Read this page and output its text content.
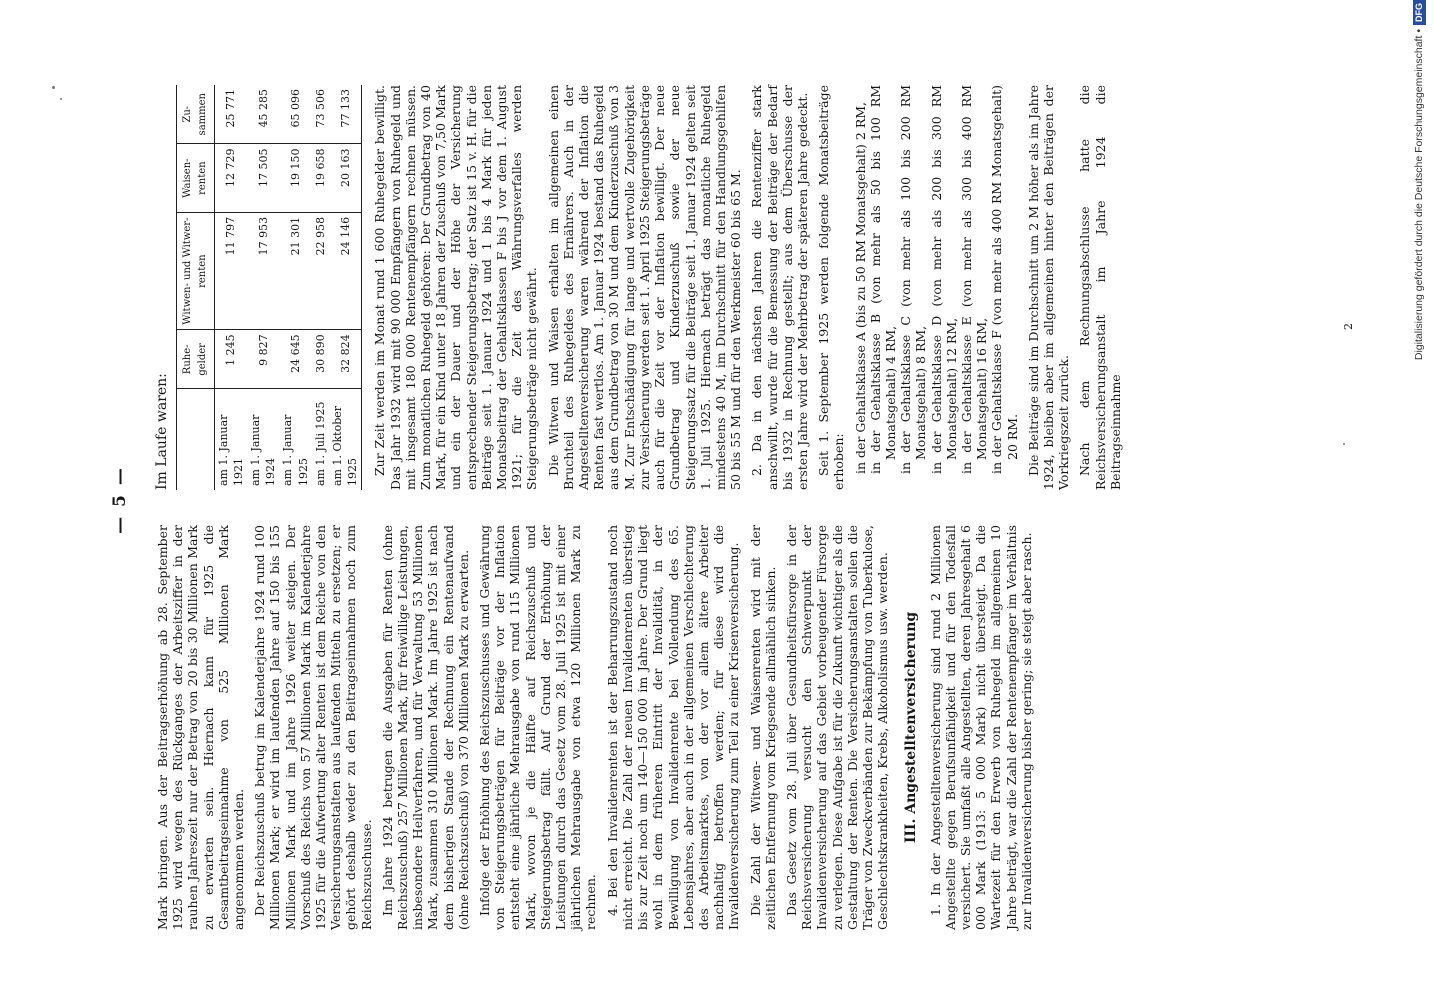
— 5 —

Mark bringen. Aus der Beitragserhöhung ab 28. September 1925 wird wegen des Rückganges der Arbeitsziffer in der rauhen Jahreszeit nur der Betrag von 20 bis 30 Millionen Mark zu erwarten sein. Hiernach kann für 1925 die Gesamtbeitragseinnahme von 525 Millionen Mark angenommen werden. Der Reichszuschuß betrug im Kalenderjahre 1924 rund 100 Millionen Mark; er wird im laufenden Jahre auf 150 bis 155 Millionen Mark und im Jahre 1926 weiter steigen. Der Vorschuß des Reichs von 57 Millionen Mark im Kalenderjahre 1925 für die Aufwertung alter Renten ist dem Reiche von den Versicherungsanstalten aus laufenden Mitteln zu ersetzen; er gehört deshalb weder zu den Beitragseinnahmen noch zum Reichszuschusse. Im Jahre 1924 betrugen die Ausgaben für Renten (ohne Reichszuschuß) 257 Millionen Mark, für freiwillige Leistungen, insbesondere Heilverfahren, und für Verwaltung 53 Millionen Mark, zusammen 310 Millionen Mark. Im Jahre 1925 ist nach dem bisherigen Stande der Rechnung ein Rentenaufwand (ohne Reichszuschuß) von 370 Millionen Mark zu erwarten. Infolge der Erhöhung des Reichszuschusses und Gewährung von Steigerungsbeträgen für Beiträge vor der Inflation entsteht eine jährliche Mehrausgabe von rund 115 Millionen Mark, wovon je die Hälfte auf Reichszuschuß und Steigerungsbetrag fällt. Auf Grund der Erhöhung der Leistungen durch das Gesetz vom 28. Juli 1925 ist mit einer jährlichen Mehrausgabe von etwa 120 Millionen Mark zu rechnen. 4. Bei den Invalidenrenten ist der Beharrungszustand noch nicht erreicht. Die Zahl der neuen Invalidenrenten überstieg bis zur Zeit noch um 140—150 000 im Jahre. Der Grund liegt wohl in dem früheren Eintritt der Invalidität, in der Bewilligung von Invalidenrente bei Vollendung des 65. Lebensjahres, aber auch in der allgemeinen Verschlechterung des Arbeitsmarktes, von der vor allem ältere Arbeiter nachhaltig betroffen werden; für diese wird die Invalidenversicherung zum Teil zu einer Krisenversicherung. Die Zahl der Witwen- und Waisenrenten wird mit der zeitlichen Entfernung vom Kriegsende allmählich sinken. Das Gesetz vom 28. Juli über Gesundheitsfürsorge in der Reichsversicherung versucht den Schwerpunkt der Invalidenversicherung auf das Gebiet vorbeugender Fürsorge zu verlegen. Diese Aufgabe ist für die Zukunft wichtiger als die Gestaltung der Renten. Die Versicherungsanstalten sollen die Träger von Zweckverbänden zur Bekämpfung von Tuberkulose, Geschlechtskrankheiten, Krebs, Alkoholismus usw. werden. III. Angestelltenversicherung 1. In der Angestelltenversicherung sind rund 2 Millionen Angestellte gegen Berufsunfähigkeit und für den Todesfall versichert. Sie umfaßt alle Angestellten, deren Jahresgehalt 6 000 Mark (1913: 5 000 Mark) nicht übersteigt. Da die Wartezeit für den Erwerb von Ruhegeld im allgemeinen 10 Jahre beträgt, war die Zahl der Rentenempfänger im Verhältnis zur Invalidenversicherung bisher gering; sie steigt aber rasch.

Im Laufe waren:

	Ruhe-gelder	Witwen- und Witwer-renten	Waisen-renten	Zu-sammen
am 1. Januar 1921	1 245	11 797	12 729	25 771
am 1. Januar 1924	9 827	17 953	17 505	45 285
am 1. Januar 1925	24 645	21 301	19 150	65 096
am 1. Juli 1925	30 890	22 958	19 658	73 506
am 1. Oktober 1925	32 824	24 146	20 163	77 133 Zur Zeit werden im Monat rund 1 600 Ruhegelder bewilligt. Das Jahr 1932 wird mit 90 000 Empfängern von Ruhegeld und mit insgesamt 180 000 Rentenempfängern rechnen müssen. Zum monatlichen Ruhegeld gehören: Der Grundbetrag von 40 Mark, für ein Kind unter 18 Jahren der Zuschuß von 7,50 Mark und ein der Dauer und der Höhe der Versicherung entsprechender Steigerungsbetrag; der Satz ist 15 v. H. für die Beiträge seit 1. Januar 1924 und 1 bis 4 Mark für jeden Monatsbeitrag der Gehaltsklassen F bis J vor dem 1. August 1921; für die Zeit des Währungsverfalles werden Steigerungsbeträge nicht gewährt. Die Witwen und Waisen erhalten im allgemeinen einen Bruchteil des Ruhegeldes des Ernährers. Auch in der Angestelltenversicherung waren während der Inflation die Renten fast wertlos. Am 1. Januar 1924 bestand das Ruhegeld aus dem Grundbetrag von 30 M und dem Kinderzuschuß von 3 M. Zur Entschädigung für lange und wertvolle Zugehörigkeit zur Versicherung werden seit 1. April 1925 Steigerungsbeträge auch für die Zeit vor der Inflation bewilligt. Der neue Grundbetrag und Kinderzuschuß sowie der neue Steigerungssatz für die Beiträge seit 1. Januar 1924 gelten seit 1. Juli 1925. Hiernach beträgt das monatliche Ruhegeld mindestens 40 M, im Durchschnitt für den Handlungsgehilfen 50 bis 55 M und für den Werkmeister 60 bis 65 M. 2. Da in den nächsten Jahren die Rentenziffer stark anschwillt, wurde für die Bemessung der Beiträge der Bedarf bis 1932 in Rechnung gestellt; aus dem Überschusse der ersten Jahre wird der Mehrbetrag der späteren Jahre gedeckt. Seit 1. September 1925 werden folgende Monatsbeiträge erhoben: in der Gehaltsklasse A (bis zu 50 RM Monatsgehalt) 2 RM, in der Gehaltsklasse B (von mehr als 50 bis 100 RM Monatsgehalt) 4 RM, in der Gehaltsklasse C (von mehr als 100 bis 200 RM Monatsgehalt) 8 RM, in der Gehaltsklasse D (von mehr als 200 bis 300 RM Monatsgehalt) 12 RM, in der Gehaltsklasse E (von mehr als 300 bis 400 RM Monatsgehalt) 16 RM, in der Gehaltsklasse F (von mehr als 400 RM Monatsgehalt) 20 RM. Die Beiträge sind im Durchschnitt um 2 M höher als im Jahre 1924, bleiben aber im allgemeinen hinter den Beiträgen der Vorkriegszeit zurück. Nach dem Rechnungsabschlusse hatte die Reichsversicherungsanstalt im Jahre 1924 die Beitragseinnahme

2	Digitalisierung gefördert durch die Deutsche Forschungsgemeinschaft •DFG
